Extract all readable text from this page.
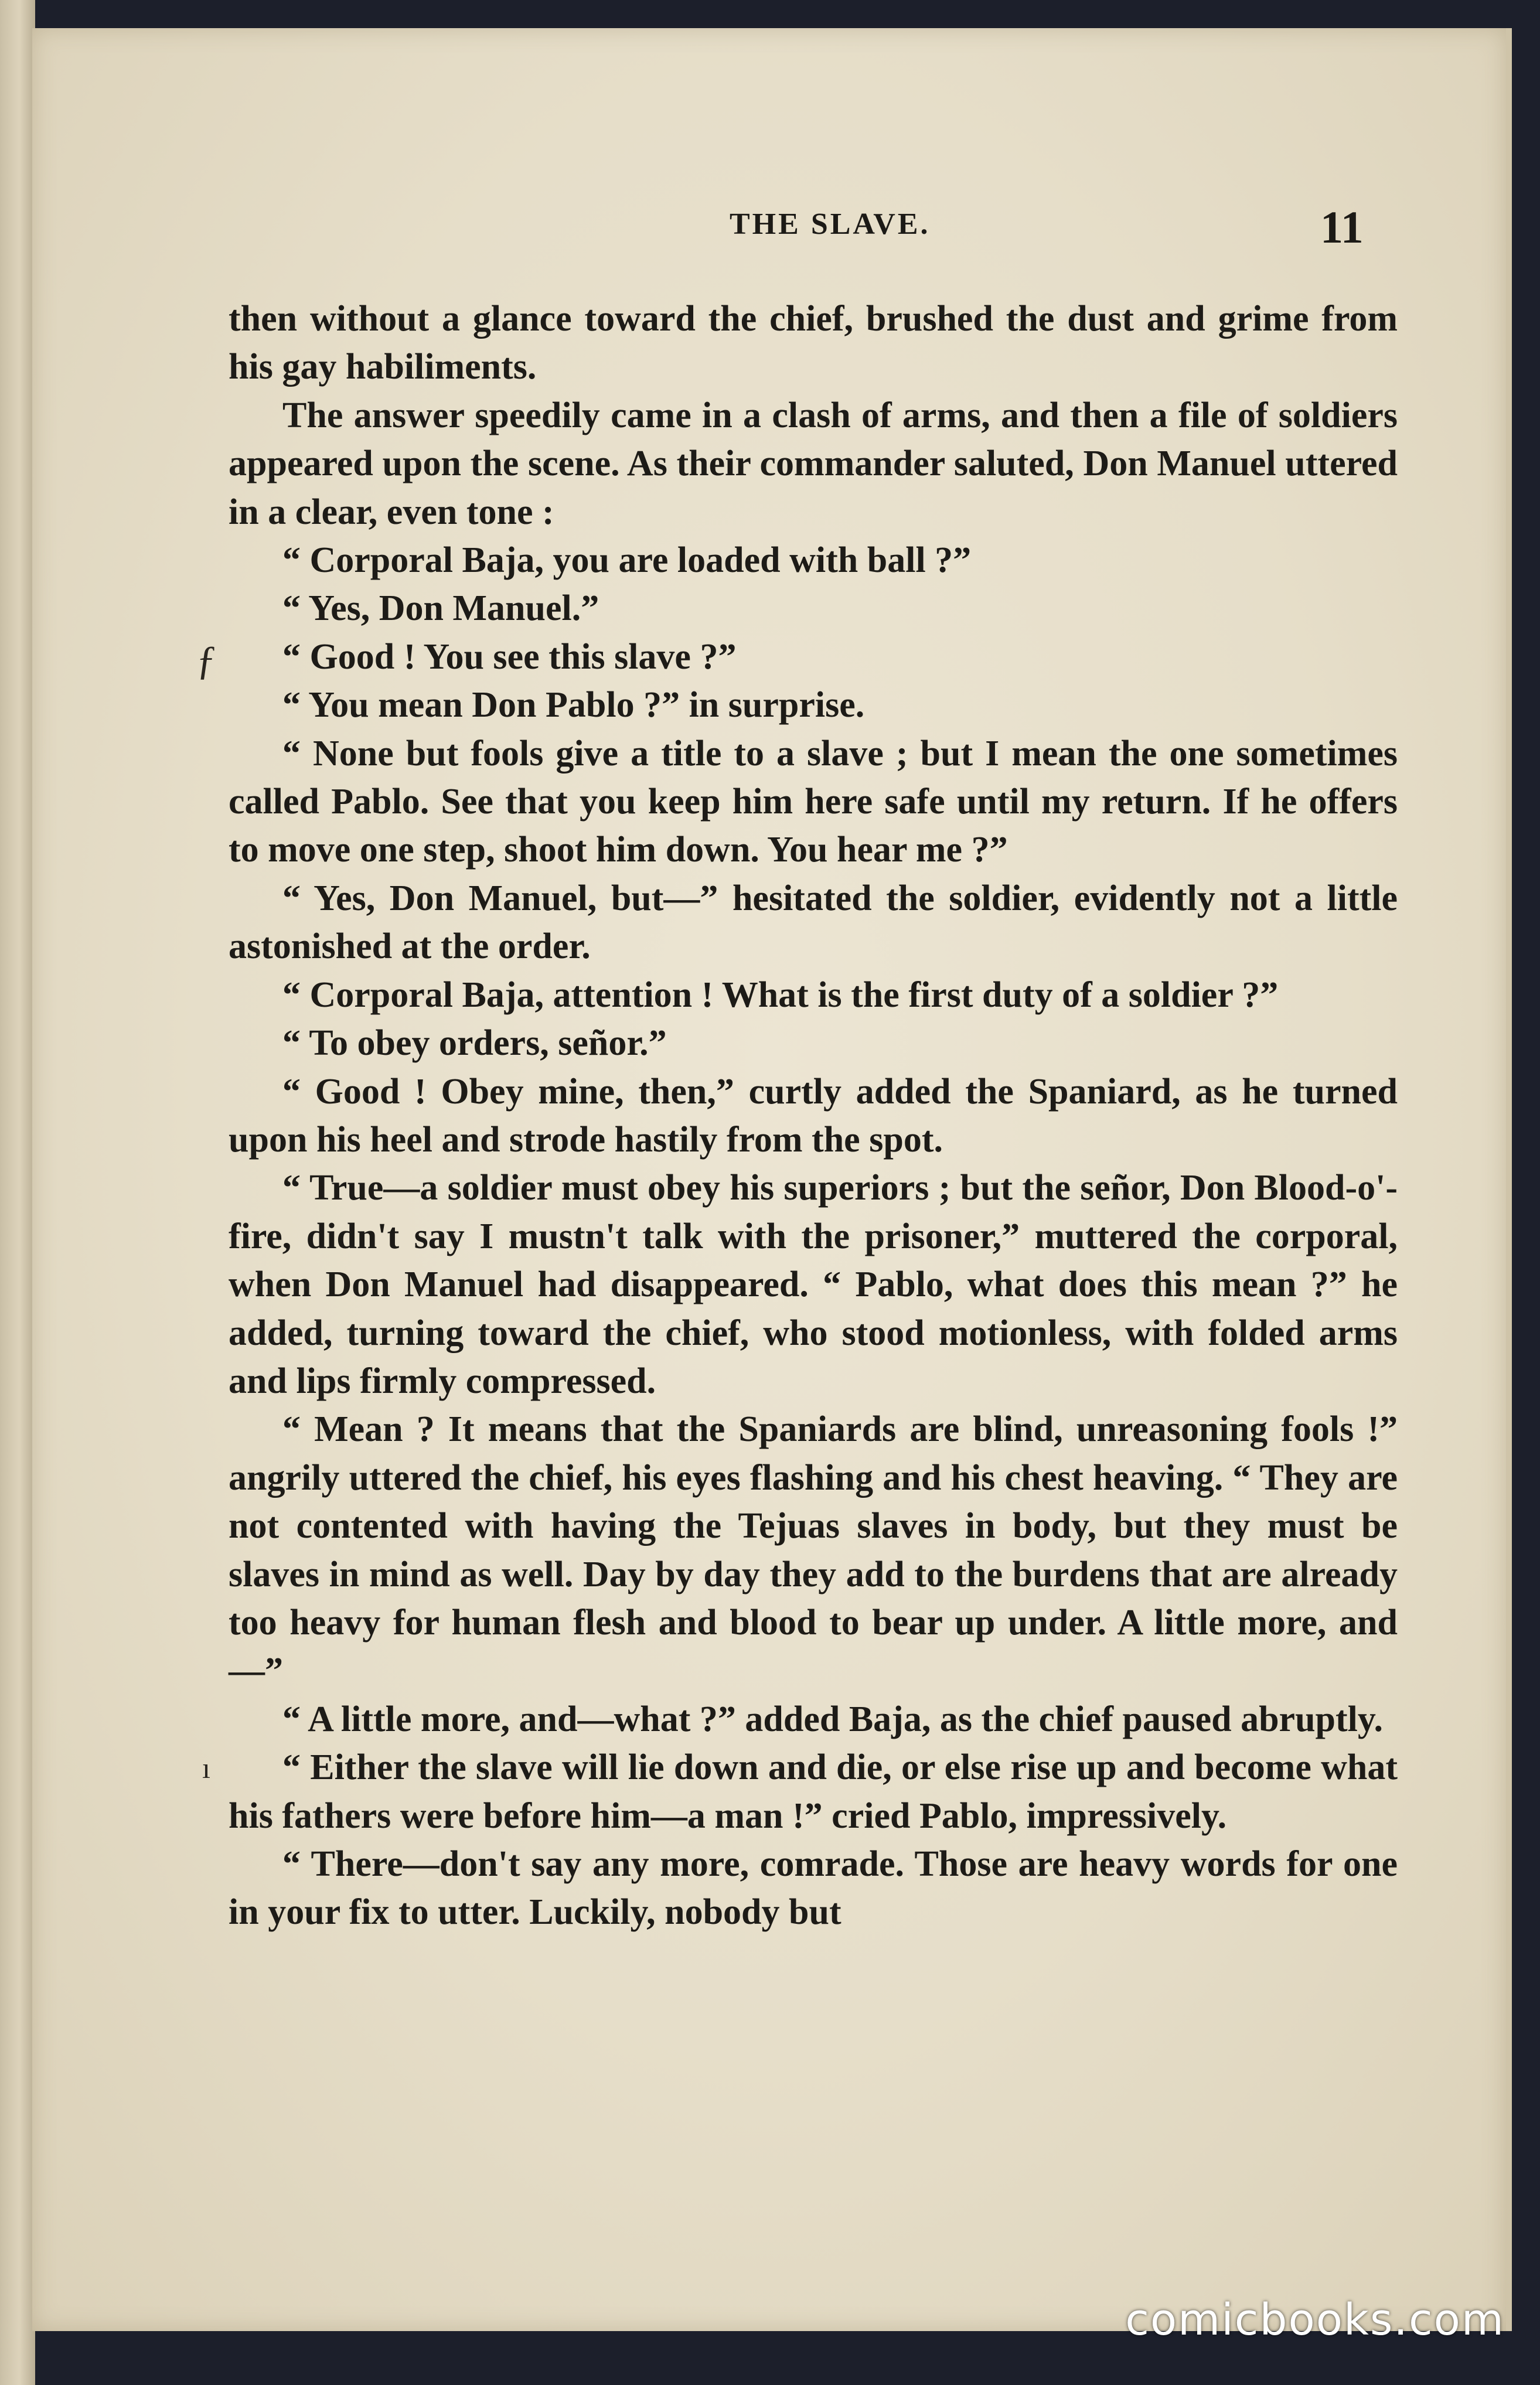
THE SLAVE.	11

then without a glance toward the chief, brushed the dust and grime from his gay habiliments.

The answer speedily came in a clash of arms, and then a file of soldiers appeared upon the scene. As their commander saluted, Don Manuel uttered in a clear, even tone :

“ Corporal Baja, you are loaded with ball ?”

“ Yes, Don Manuel.”

“ Good ! You see this slave ?”

“ You mean Don Pablo ?” in surprise.

“ None but fools give a title to a slave ; but I mean the one sometimes called Pablo. See that you keep him here safe until my return. If he offers to move one step, shoot him down. You hear me ?”

“ Yes, Don Manuel, but—” hesitated the soldier, evidently not a little astonished at the order.

“ Corporal Baja, attention ! What is the first duty of a soldier ?”

“ To obey orders, señor.”

“ Good ! Obey mine, then,” curtly added the Spaniard, as he turned upon his heel and strode hastily from the spot.

“ True—a soldier must obey his superiors ; but the señor, Don Blood-o'-fire, didn't say I mustn't talk with the prisoner,” muttered the corporal, when Don Manuel had disappeared. “ Pablo, what does this mean ?” he added, turning toward the chief, who stood motionless, with folded arms and lips firmly compressed.

“ Mean ? It means that the Spaniards are blind, unreasoning fools !” angrily uttered the chief, his eyes flashing and his chest heaving. “ They are not contented with having the Tejuas slaves in body, but they must be slaves in mind as well. Day by day they add to the burdens that are already too heavy for human flesh and blood to bear up under. A little more, and—”

“ A little more, and—what ?” added Baja, as the chief paused abruptly.

“ Either the slave will lie down and die, or else rise up and become what his fathers were before him—a man !” cried Pablo, impressively.

“ There—don't say any more, comrade. Those are heavy words for one in your fix to utter. Luckily, nobody but

ƒ
ı
comicbooks.com
